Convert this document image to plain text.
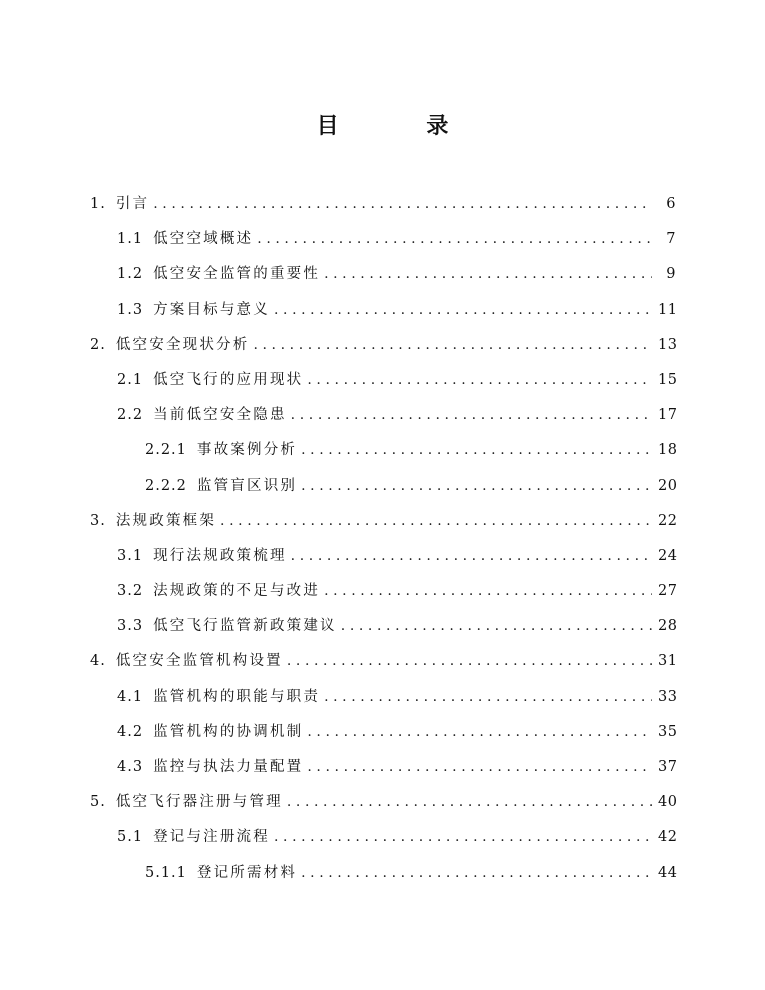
目 录
1. 引言 .....	6
1.1 低空空域概述 .....	7
1.2 低空安全监管的重要性 .....	9
1.3 方案目标与意义 .....	11
2. 低空安全现状分析 .....	13
2.1 低空飞行的应用现状 .....	15
2.2 当前低空安全隐患 .....	17
2.2.1 事故案例分析 .....	18
2.2.2 监管盲区识别 .....	20
3. 法规政策框架 .....	22
3.1 现行法规政策梳理 .....	24
3.2 法规政策的不足与改进 .....	27
3.3 低空飞行监管新政策建议 .....	28
4. 低空安全监管机构设置 .....	31
4.1 监管机构的职能与职责 .....	33
4.2 监管机构的协调机制 .....	35
4.3 监控与执法力量配置 .....	37
5. 低空飞行器注册与管理 .....	40
5.1 登记与注册流程 .....	42
5.1.1 登记所需材料 .....	44
